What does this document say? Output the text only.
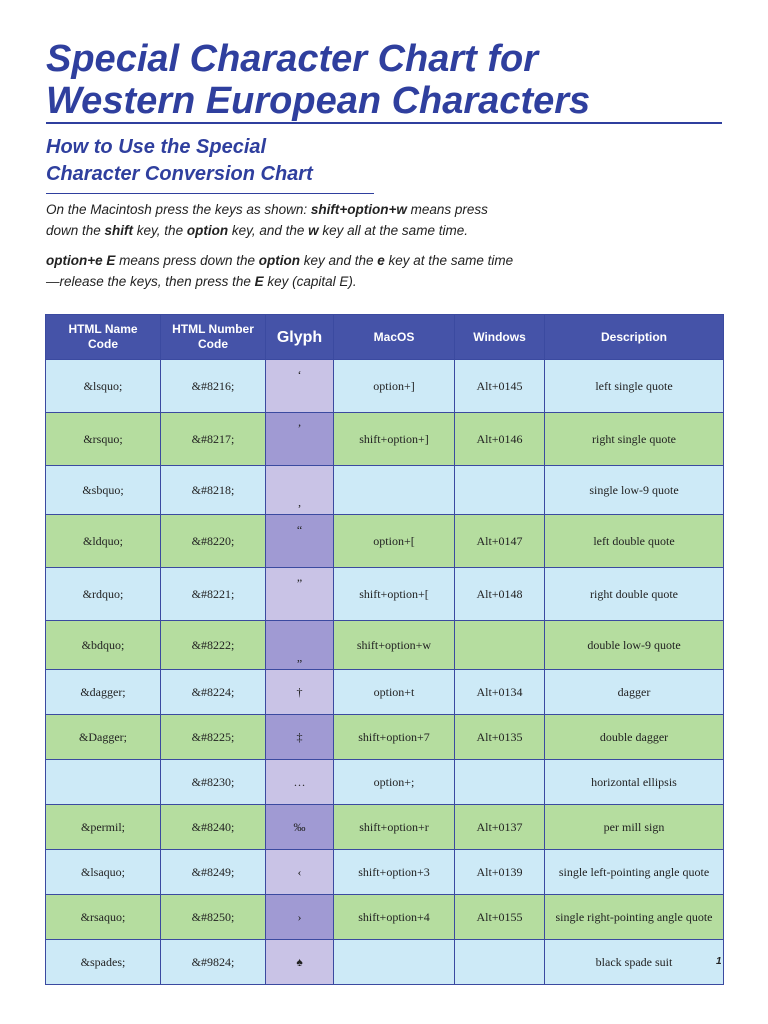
Special Character Chart for
Western European Characters
How to Use the Special
Character Conversion Chart

On the Macintosh press the keys as shown: shift+option+w means press down the shift key, the option key, and the w key all at the same time.

option+e E means press down the option key and the e key at the same time—release the keys, then press the E key (capital E).

HTML Name Code	HTML Number Code	Glyph	MacOS	Windows	Description
&lsquo;	&#8216;	‘	option+]	Alt+0145	left single quote
&rsquo;	&#8217;	’	shift+option+]	Alt+0146	right single quote
&sbquo;	&#8218;	‚			single low-9 quote
&ldquo;	&#8220;	“	option+[	Alt+0147	left double quote
&rdquo;	&#8221;	”	shift+option+[	Alt+0148	right double quote
&bdquo;	&#8222;	„	shift+option+w		double low-9 quote
&dagger;	&#8224;	†	option+t	Alt+0134	dagger
&Dagger;	&#8225;	‡	shift+option+7	Alt+0135	double dagger
	&#8230;	…	option+;		horizontal ellipsis
&permil;	&#8240;	‰	shift+option+r	Alt+0137	per mill sign
&lsaquo;	&#8249;	‹	shift+option+3	Alt+0139	single left-pointing angle quote
&rsaquo;	&#8250;	›	shift+option+4	Alt+0155	single right-pointing angle quote
&spades;	&#9824;	♠			black spade suit	1
